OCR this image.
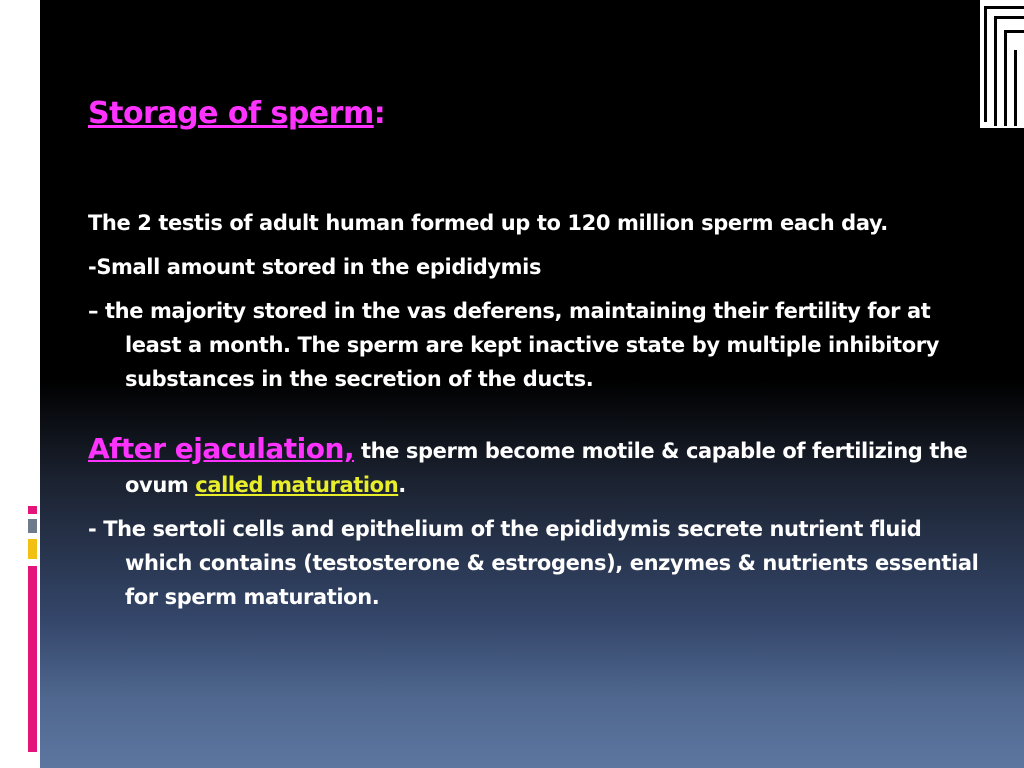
Storage of sperm:

The 2 testis of adult human formed up to 120 million sperm each day.

-Small amount stored in the epididymis

– the majority stored in the vas deferens, maintaining their fertility for at least a month. The sperm are kept inactive state by multiple inhibitory substances in the secretion of the ducts.

After ejaculation, the sperm become motile & capable of fertilizing the ovum called maturation.

- The sertoli cells and epithelium of the epididymis secrete nutrient fluid which contains (testosterone & estrogens), enzymes & nutrients essential for sperm maturation.
